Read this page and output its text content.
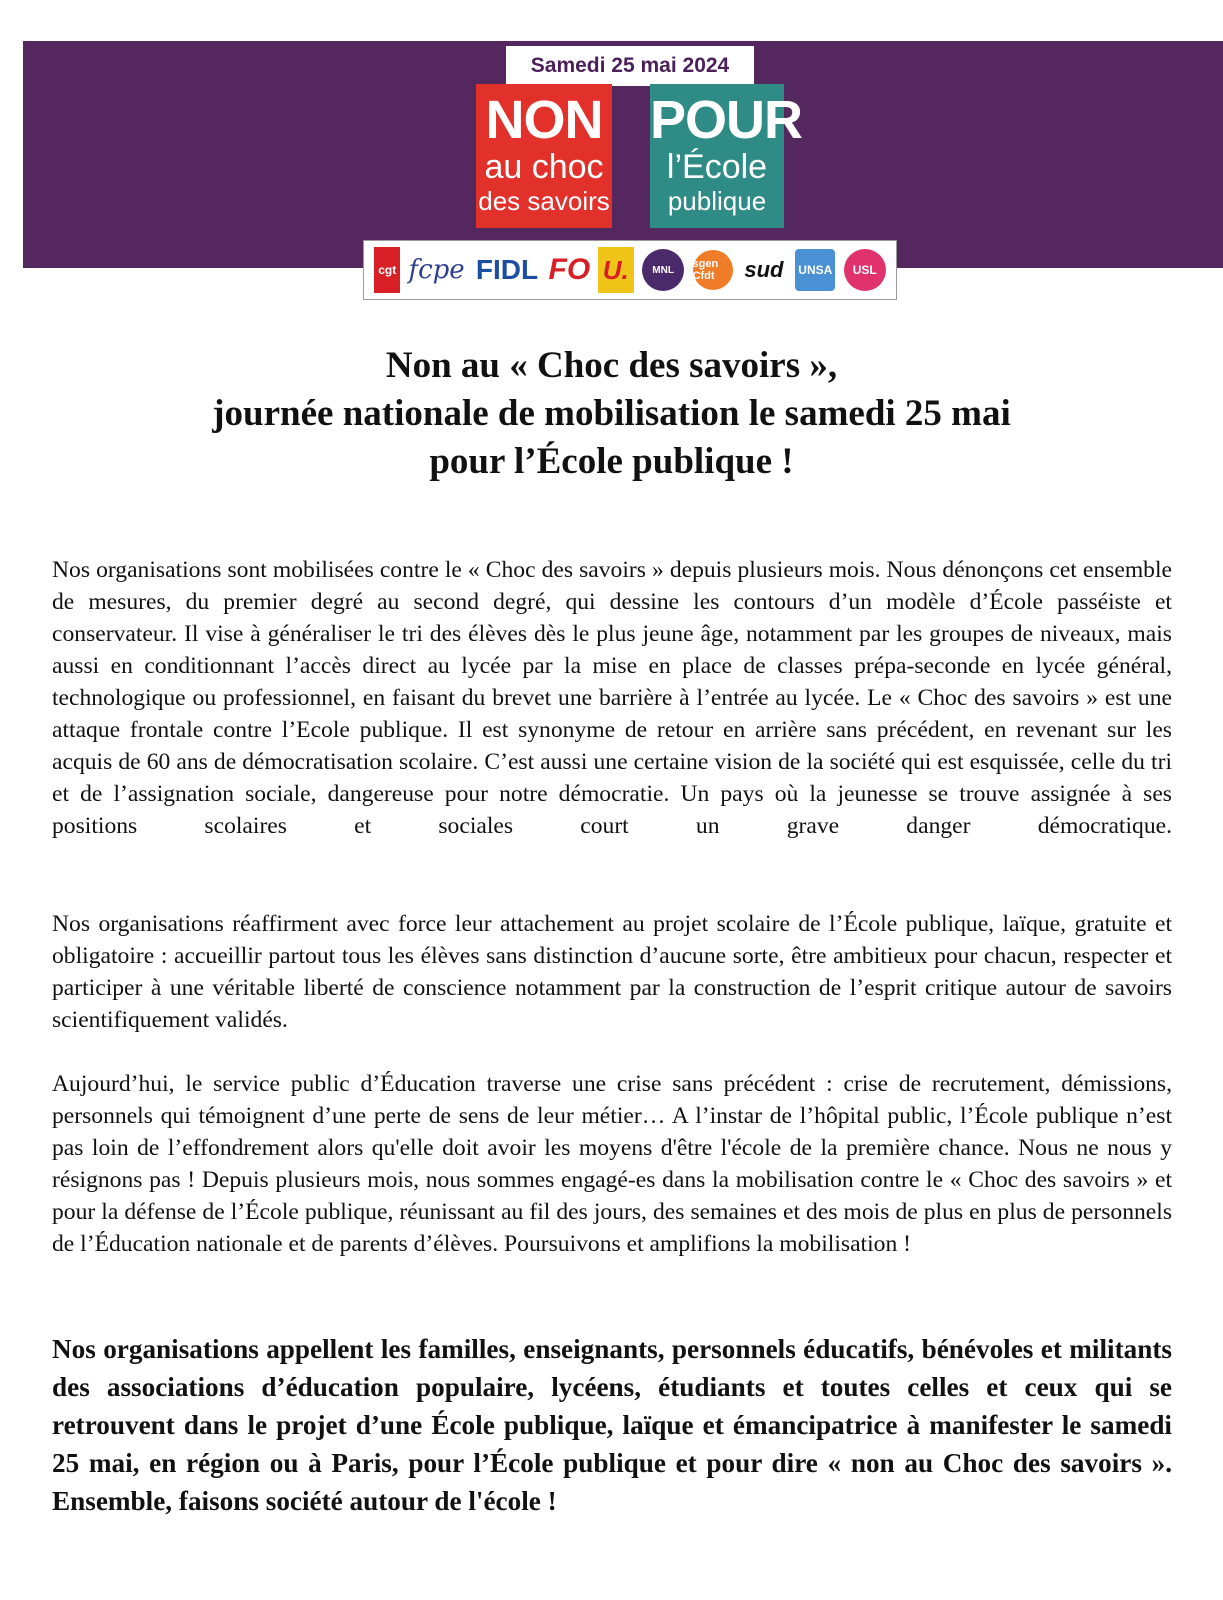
Samedi 25 mai 2024
NON
au choc
des savoirs
POUR
l’École
publique
cgt fcpe FIDL FO U.	MNL	sgen Cfdt	sud UNSA	USL
Non au « Choc des savoirs »,
journée nationale de mobilisation le samedi 25 mai
pour l’École publique !

Nos organisations sont mobilisées contre le « Choc des savoirs » depuis plusieurs mois. Nous dénonçons cet ensemble de mesures, du premier degré au second degré, qui dessine les contours d’un modèle d’École passéiste et conservateur. Il vise à généraliser le tri des élèves dès le plus jeune âge, notamment par les groupes de niveaux, mais aussi en conditionnant l’accès direct au lycée par la mise en place de classes prépa-seconde en lycée général, technologique ou professionnel, en faisant du brevet une barrière à l’entrée au lycée. Le « Choc des savoirs » est une attaque frontale contre l’Ecole publique. Il est synonyme de retour en arrière sans précédent, en revenant sur les acquis de 60 ans de démocratisation scolaire. C’est aussi une certaine vision de la société qui est esquissée, celle du tri et de l’assignation sociale, dangereuse pour notre démocratie. Un pays où la jeunesse se trouve assignée à ses positions scolaires et sociales court un grave danger démocratique.

Nos organisations réaffirment avec force leur attachement au projet scolaire de l’École publique, laïque, gratuite et obligatoire : accueillir partout tous les élèves sans distinction d’aucune sorte, être ambitieux pour chacun, respecter et participer à une véritable liberté de conscience notamment par la construction de l’esprit critique autour de savoirs scientifiquement validés.

Aujourd’hui, le service public d’Éducation traverse une crise sans précédent : crise de recrutement, démissions, personnels qui témoignent d’une perte de sens de leur métier… A l’instar de l’hôpital public, l’École publique n’est pas loin de l’effondrement alors qu'elle doit avoir les moyens d'être l'école de la première chance. Nous ne nous y résignons pas ! Depuis plusieurs mois, nous sommes engagé-es dans la mobilisation contre le « Choc des savoirs » et pour la défense de l’École publique, réunissant au fil des jours, des semaines et des mois de plus en plus de personnels de l’Éducation nationale et de parents d’élèves. Poursuivons et amplifions la mobilisation !

Nos organisations appellent les familles, enseignants, personnels éducatifs, bénévoles et militants des associations d’éducation populaire, lycéens, étudiants et toutes celles et ceux qui se retrouvent dans le projet d’une École publique, laïque et émancipatrice à manifester le samedi 25 mai, en région ou à Paris, pour l’École publique et pour dire « non au Choc des savoirs ». Ensemble, faisons société autour de l'école !
